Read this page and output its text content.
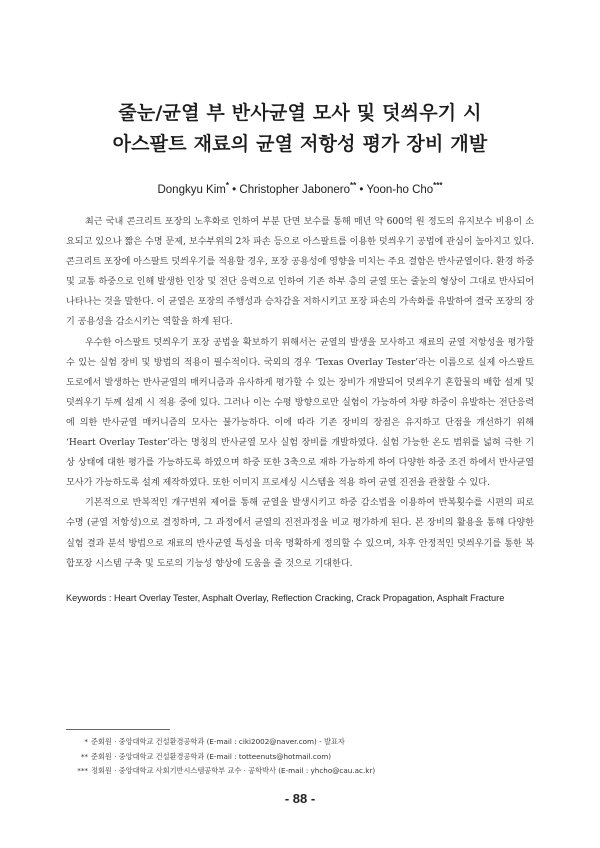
줄눈/균열 부 반사균열 모사 및 덧씌우기 시
아스팔트 재료의 균열 저항성 평가 장비 개발
Dongkyu Kim* • Christopher Jabonero** • Yoon-ho Cho***

최근 국내 콘크리트 포장의 노후화로 인하여 부분 단면 보수를 통해 매년 약 600억 원 정도의 유지보수 비용이 소요되고 있으나 짧은 수명 문제, 보수부위의 2차 파손 등으로 아스팔트를 이용한 덧씌우기 공법에 관심이 높아지고 있다. 콘크리트 포장에 아스팔트 덧씌우기를 적용할 경우, 포장 공용성에 영향을 미치는 주요 결함은 반사균열이다. 환경 하중 및 교통 하중으로 인해 발생한 인장 및 전단 응력으로 인하여 기존 하부 층의 균열 또는 줄눈의 형상이 그대로 반사되어 나타나는 것을 말한다. 이 균열은 포장의 주행성과 승차감을 저하시키고 포장 파손의 가속화를 유발하여 결국 포장의 장기 공용성을 감소시키는 역할을 하게 된다.

우수한 아스팔트 덧씌우기 포장 공법을 확보하기 위해서는 균열의 발생을 모사하고 재료의 균열 저항성을 평가할 수 있는 실험 장비 및 방법의 적용이 필수적이다. 국외의 경우 ‘Texas Overlay Tester’라는 이름으로 실제 아스팔트 도로에서 발생하는 반사균열의 매커니즘과 유사하게 평가할 수 있는 장비가 개발되어 덧씌우기 혼합물의 배합 설계 및 덧씌우기 두께 설계 시 적용 중에 있다. 그러나 이는 수평 방향으로만 실험이 가능하여 차량 하중이 유발하는 전단응력에 의한 반사균열 매커니즘의 모사는 불가능하다. 이에 따라 기존 장비의 장점은 유지하고 단점을 개선하기 위해 ‘Heart Overlay Tester’라는 명칭의 반사균열 모사 실험 장비를 개발하였다. 실험 가능한 온도 범위를 넓혀 극한 기상 상태에 대한 평가를 가능하도록 하였으며 하중 또한 3축으로 재하 가능하게 하여 다양한 하중 조건 하에서 반사균열 모사가 가능하도록 설계 제작하였다. 또한 이미지 프로세싱 시스템을 적용 하여 균열 진전을 관찰할 수 있다.

기본적으로 반복적인 개구변위 제어를 통해 균열을 발생시키고 하중 감소법을 이용하여 반복횟수를 시편의 피로 수명 (균열 저항성)으로 결정하며, 그 과정에서 균열의 진전과정을 비교 평가하게 된다. 본 장비의 활용을 통해 다양한 실험 결과 분석 방법으로 재료의 반사균열 특성을 더욱 명확하게 정의할 수 있으며, 차후 안정적인 덧씌우기를 통한 복합포장 시스템 구축 및 도로의 기능성 향상에 도움을 줄 것으로 기대한다.

Keywords : Heart Overlay Tester, Asphalt Overlay, Reflection Cracking, Crack Propagation, Asphalt Fracture
* 준회원 · 중앙대학교 건설환경공학과 (E-mail : ciki2002@naver.com) - 발표자
** 준회원 · 중앙대학교 건설환경공학과 (E-mail : totteenuts@hotmail.com)
*** 정회원 · 중앙대학교 사회기반시스템공학부 교수 · 공학박사 (E-mail : yhcho@cau.ac.kr)
- 88 -
